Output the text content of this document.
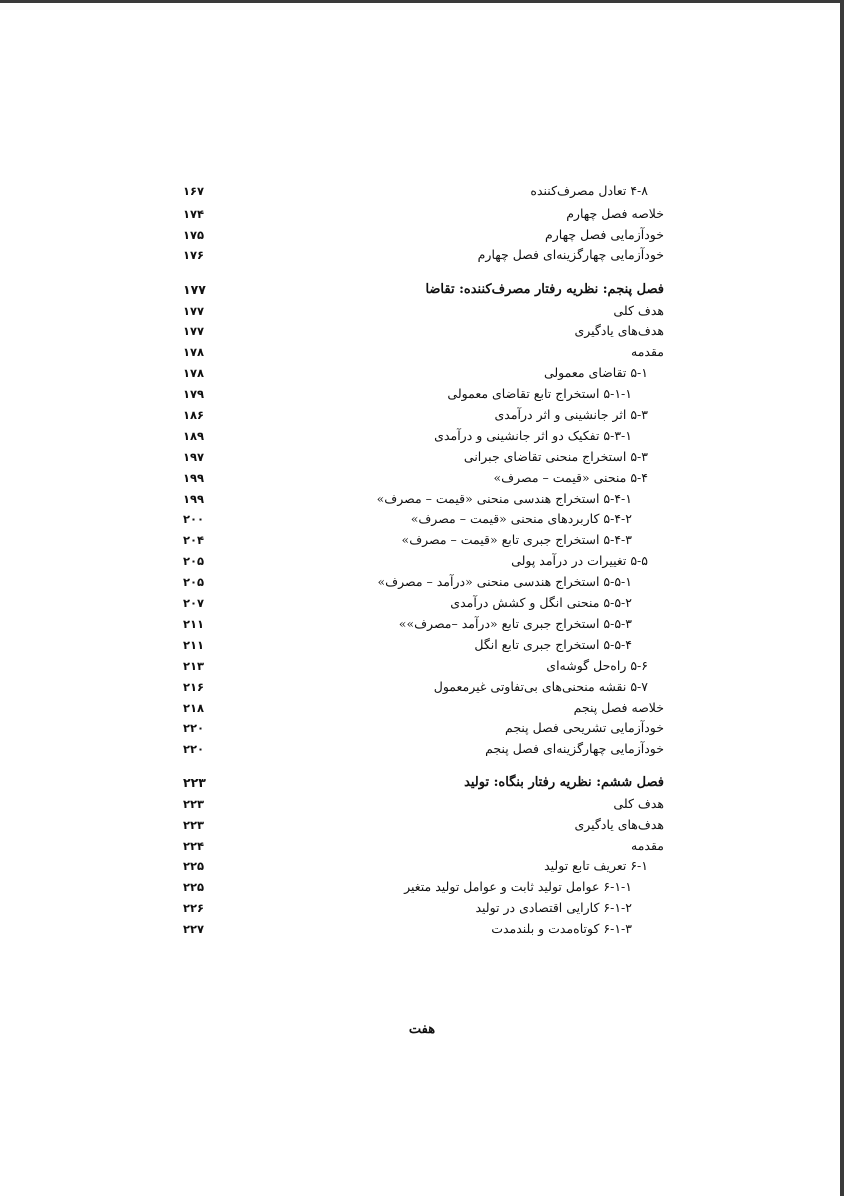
۴-۸ تعادل مصرف‌کننده
۱۶۷
خلاصه فصل چهارم
۱۷۴
خودآزمایی فصل چهارم
۱۷۵
خودآزمایی چهارگزینه‌ای فصل چهارم
۱۷۶
فصل پنجم: نظریه رفتار مصرف‌کننده: تقاضا
۱۷۷
هدف کلی
۱۷۷
هدف‌های یادگیری
۱۷۷
مقدمه
۱۷۸
۵-۱ تقاضای معمولی
۱۷۸
۵-۱-۱ استخراج تابع تقاضای معمولی
۱۷۹
۵-۳ اثر جانشینی و اثر درآمدی
۱۸۶
۵-۳-۱ تفکیک دو اثر جانشینی و درآمدی
۱۸۹
۵-۳ استخراج منحنی تقاضای جبرانی
۱۹۷
۵-۴ منحنی «قیمت – مصرف»
۱۹۹
۵-۴-۱ استخراج هندسی منحنی «قیمت – مصرف»
۱۹۹
۵-۴-۲ کاربردهای منحنی «قیمت – مصرف»
۲۰۰
۵-۴-۳ استخراج جبری تابع «قیمت – مصرف»
۲۰۴
۵-۵ تغییرات در درآمد پولی
۲۰۵
۵-۵-۱ استخراج هندسی منحنی «درآمد – مصرف»
۲۰۵
۵-۵-۲ منحنی انگل و کشش درآمدی
۲۰۷
۵-۵-۳ استخراج جبری تابع «درآمد –مصرف»»
۲۱۱
۵-۵-۴ استخراج جبری تابع انگل
۲۱۱
۵-۶ راه‌حل گوشه‌ای
۲۱۳
۵-۷ نقشه منحنی‌های بی‌تفاوتی غیرمعمول
۲۱۶
خلاصه فصل پنجم
۲۱۸
خودآزمایی تشریحی فصل پنجم
۲۲۰
خودآزمایی چهارگزینه‌ای فصل پنجم
۲۲۰
فصل ششم: نظریه رفتار بنگاه: تولید
۲۲۳
هدف کلی
۲۲۳
هدف‌های یادگیری
۲۲۳
مقدمه
۲۲۴
۶-۱ تعریف تابع تولید
۲۲۵
۶-۱-۱ عوامل تولید ثابت و عوامل تولید متغیر
۲۲۵
۶-۱-۲ کارایی اقتصادی در تولید
۲۲۶
۶-۱-۳ کوتاه‌مدت و بلندمدت
۲۲۷
هفت
